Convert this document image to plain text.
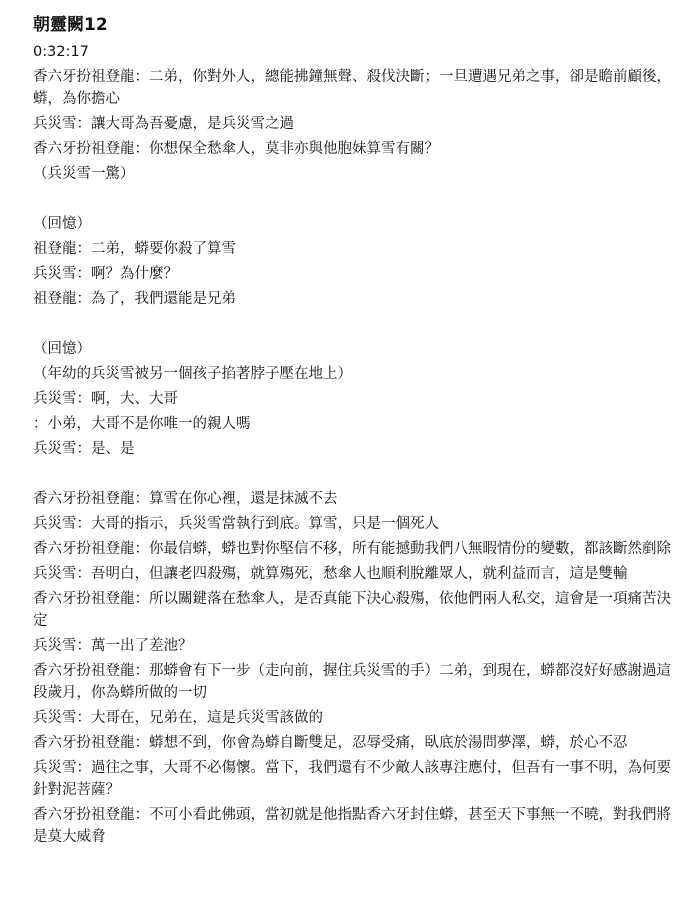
朝靈闕12
0:32:17
香六牙扮祖登龍：二弟，你對外人，總能拂鐘無聲、殺伐決斷；一旦遭遇兄弟之事，卻是瞻前顧後，蟒，為你擔心
兵災雪：讓大哥為吾憂慮，是兵災雪之過
香六牙扮祖登龍：你想保全愁傘人，莫非亦與他胞妹算雪有關？
（兵災雪一驚）
（回憶）
祖登龍：二弟，蟒要你殺了算雪
兵災雪：啊？為什麼？
祖登龍：為了，我們還能是兄弟
（回憶）
（年幼的兵災雪被另一個孩子掐著脖子壓在地上）
兵災雪：啊，大、大哥
：小弟，大哥不是你唯一的親人嗎
兵災雪：是、是
香六牙扮祖登龍：算雪在你心裡，還是抹滅不去
兵災雪：大哥的指示，兵災雪當執行到底。算雪，只是一個死人
香六牙扮祖登龍：你最信蟒，蟒也對你堅信不移，所有能撼動我們八無暇情份的變數，都該斷然剷除
兵災雪：吾明白，但讓老四殺殤，就算殤死，愁傘人也順利脫離眾人，就利益而言，這是雙輸
香六牙扮祖登龍：所以關鍵落在愁傘人，是否真能下決心殺殤，依他們兩人私交，這會是一項痛苦決定
兵災雪：萬一出了差池？
香六牙扮祖登龍：那蟒會有下一步（走向前，握住兵災雪的手）二弟，到現在，蟒都沒好好感謝過這段歲月，你為蟒所做的一切
兵災雪：大哥在，兄弟在，這是兵災雪該做的
香六牙扮祖登龍：蟒想不到，你會為蟒自斷雙足，忍辱受痛，臥底於湯問夢澤，蟒，於心不忍
兵災雪：過往之事，大哥不必傷懷。當下，我們還有不少敵人該專注應付，但吾有一事不明，為何要針對泥菩薩？
香六牙扮祖登龍：不可小看此佛頭，當初就是他指點香六牙封住蟒，甚至天下事無一不曉，對我們將是莫大威脅
